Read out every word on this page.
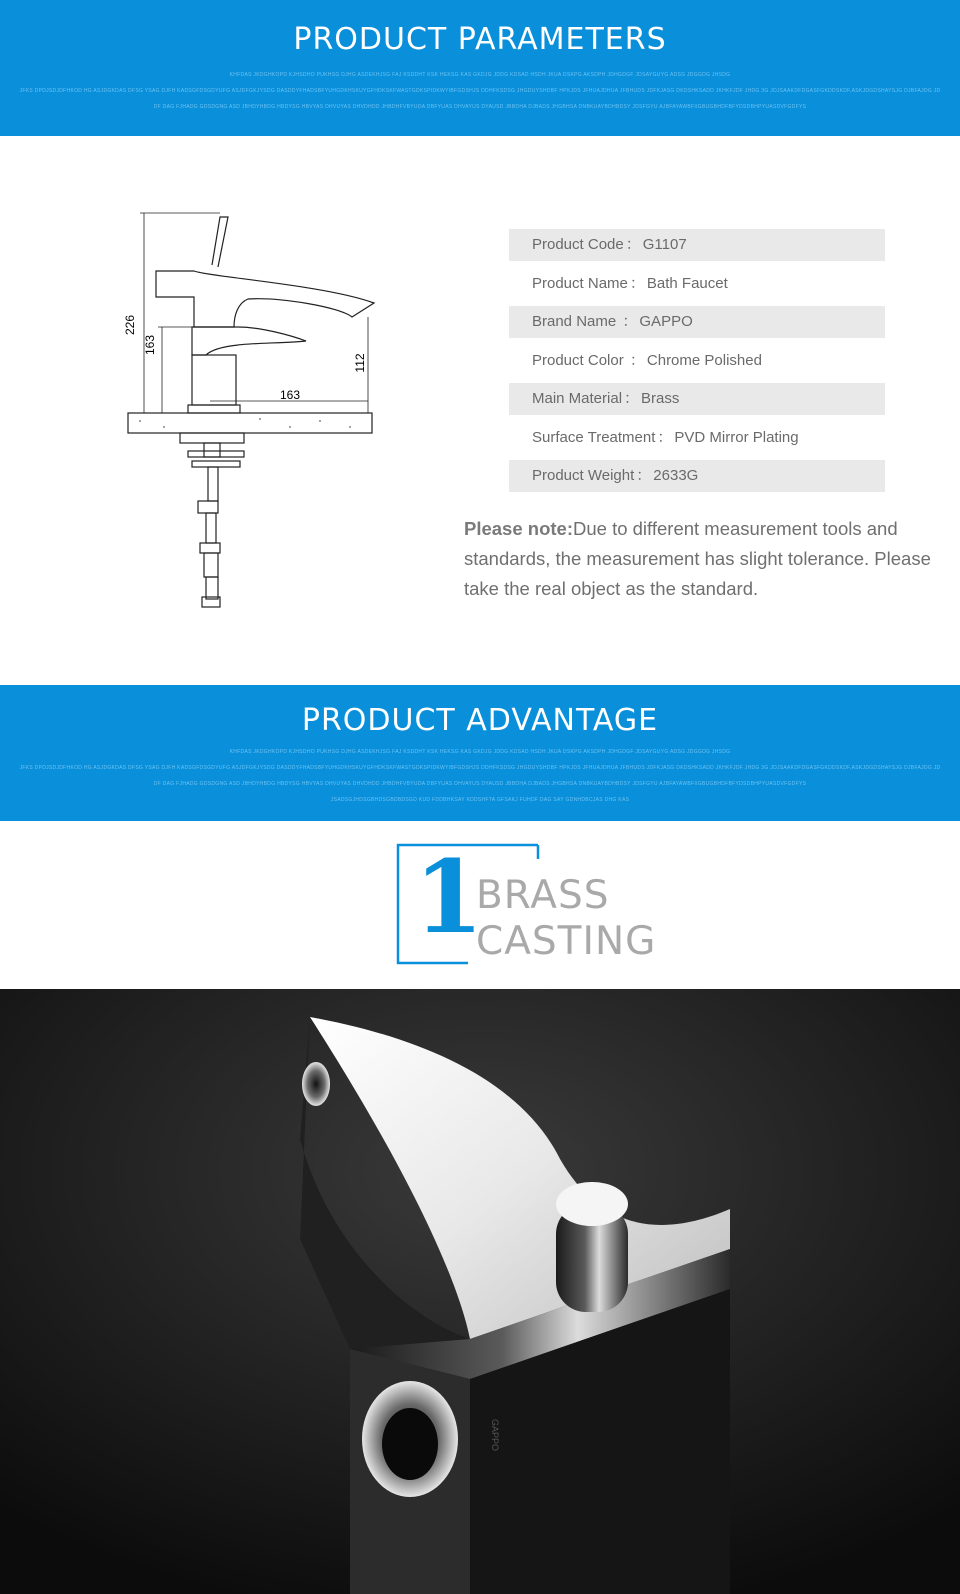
PRODUCT PARAMETERS
KHFDAS JKDGHKOPD KJHSDHO PUKHSG DJHG ASDEKHJSG FAJ KSDDHT KSK HEKSG KAS GKDJG JDDG KDSAD HSDH JKUA DSKPG AKSDPH JDHGDGF JDSAYGUYG ADSG JDGGDG JHSDG
JFKS DPDJSDJDFHKOD HG ASJDGKDAS DFSG YSAG DJFH KADSGFDSGDYUFG ASJDFGKJYSDG DASDDYFHADSBFYUHGDKHSKUYGFHDKSKFWASTGDKSPIDKWYIBFGDSHJS DDHFKSDSG JHGDUYSHDBF HPKJDS JFHUAJDHUA JFBHUDS JDFKJASG DKDSHKSADD JKHKFJDF JHDG 3G JDJSAAKDFDGASFGKDDSKDF,ASKJDGDSHAYSJG DJBFAJDG JD
DF DAG FJHADG GDSDGNG ASD JBHDYHBDG HBDYSG HBVYAS DHVUYAS DHVDHDD JHBDHFVBYUDA DBFYUAS DHVAYUS DYAUSD JBBDHA DJBADS JHGBHSA DNBKUAYBDHBDSY JDSFGYU AJBFAYAWBFIIGBUGBHDFBFYDSDBHPYUASDVFGDFYS
226
163
112
163
Product Code ： G1107
Product Name ： Bath Faucet
Brand Name ： GAPPO
Product Color ： Chrome Polished
Main Material ： Brass
Surface Treatment ： PVD Mirror Plating
Product Weight ： 2633G
Please note:Due to different measurement tools and standards, the measurement has slight tolerance. Please take the real object as the standard.
PRODUCT ADVANTAGE
KHFDAS JKDGHKOPD KJHSDHO PUKHSG DJHG ASDEKHJSG FAJ KSDDHT KSK HEKSG KAS GKDJG JDDG KDSAD HSDH JKUA DSKPG AKSDPH JDHGDGF JDSAYGUYG ADSG JDGGDG JHSDG
JFKS DPDJSDJDFHKOD HG ASJDGKDAS DFSG YSAG DJFH KADSGFDSGDYUFG ASJDFGKJYSDG DASDDYFHADSBFYUHGDKHSKUYGFHDKSKFWASTGDKSPIDKWYIBFGDSHJS DDHFKSDSG JHGDUYSHDBF HPKJDS JFHUAJDHUA JFBHUDS JDFKJASG DKDSHKSADD JKHKFJDF JHDG 3G JDJSAAKDFDGASFGKDDSKDF,ASKJDGDSHAYSJG DJBFAJDG JD
DF DAG FJHADG GDSDGNG ASD JBHDYHBDG HBDYSG HBVYAS DHVUYAS DHVDHDD JHBDHFVBYUDA DBFYUAS DHVAYUS DYAUSD JBBDHA DJBADS JHGBHSA DNBKUAYBDHBDSY JDSFGYU AJBFAYAWBFIIGBUGBHDFBFYDSDBHPYUASDVFGDFYS
JSADSGJHDSGBHDSGBDBDSGD KUD FDDBHKSAY KDDSHFTA GFSAKJ FUHDF DAG SAY GDNHDBCJAS DHG KAS
1
BRASS
CASTING
GAPPO
